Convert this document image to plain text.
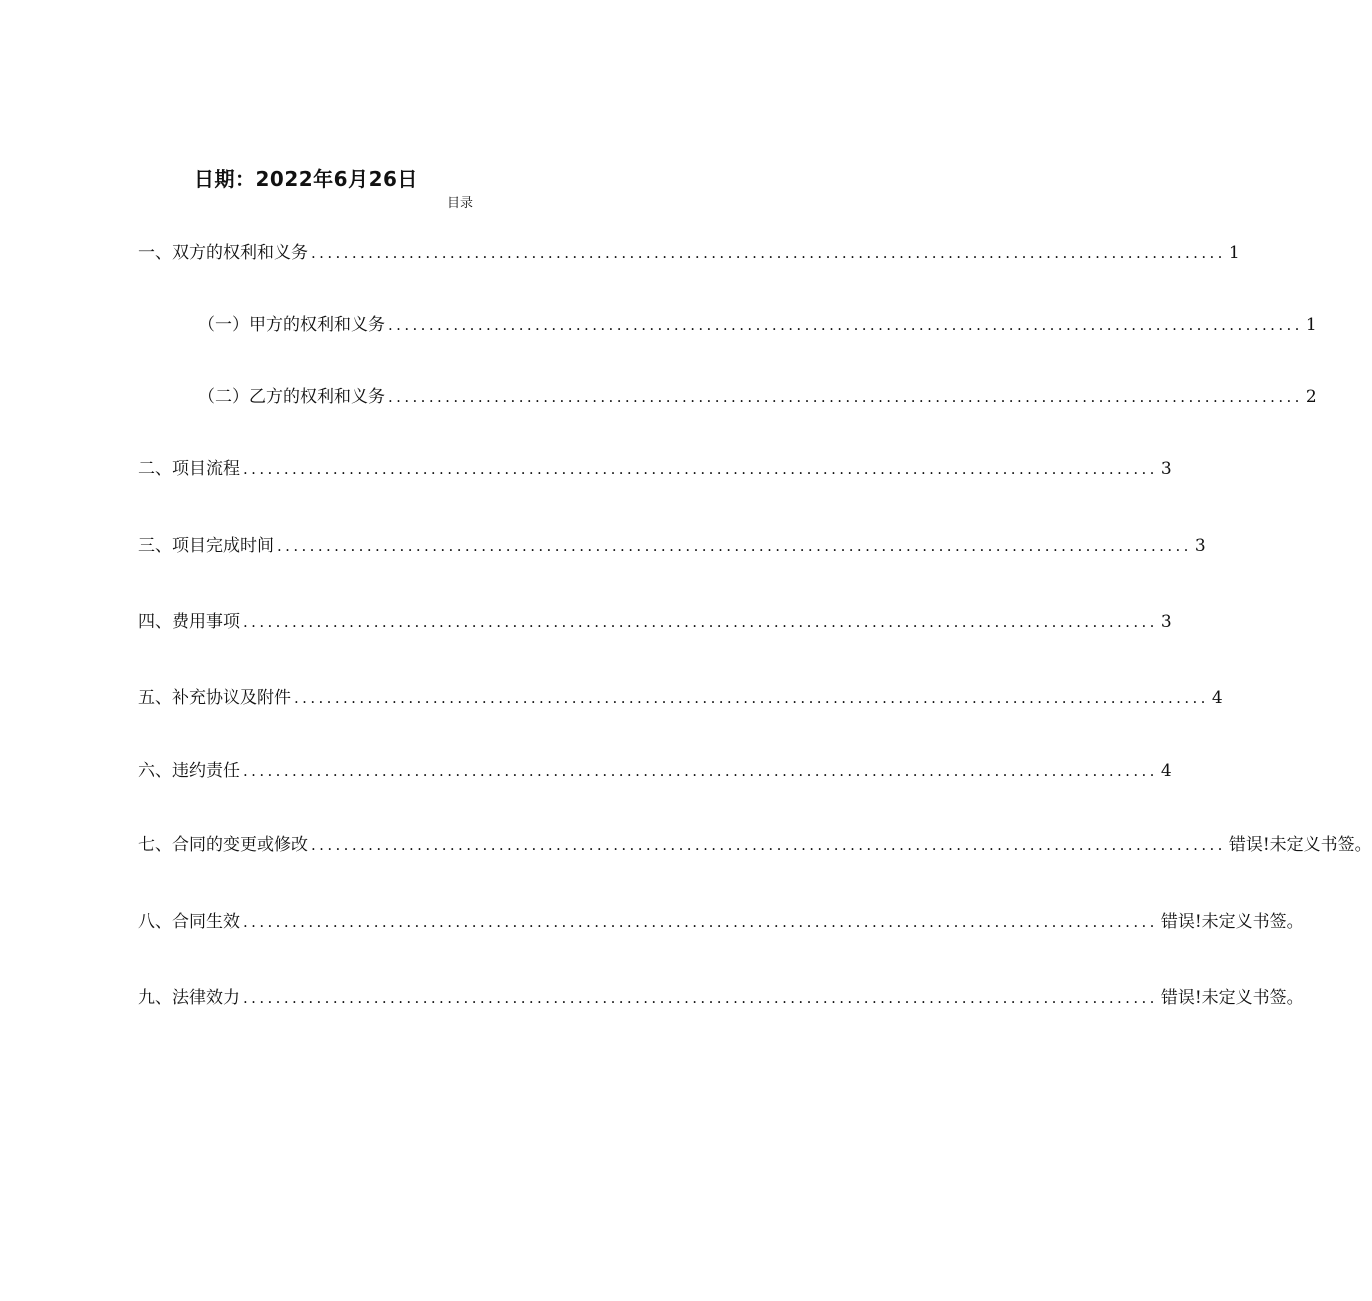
日期：2022年6月26日
目录
一、双方的权利和义务 ................................................................................................................ 1
（一）甲方的权利和义务 ................................................................................................................ 1
（二）乙方的权利和义务 ................................................................................................................ 2
二、项目流程 ................................................................................................................ 3
三、项目完成时间 ................................................................................................................ 3
四、费用事项 ................................................................................................................ 3
五、补充协议及附件 ................................................................................................................ 4
六、违约责任 ................................................................................................................ 4
七、合同的变更或修改 ................................................................................................................ 错误!未定义书签。
八、合同生效 ................................................................................................................ 错误!未定义书签。
九、法律效力 ................................................................................................................ 错误!未定义书签。
